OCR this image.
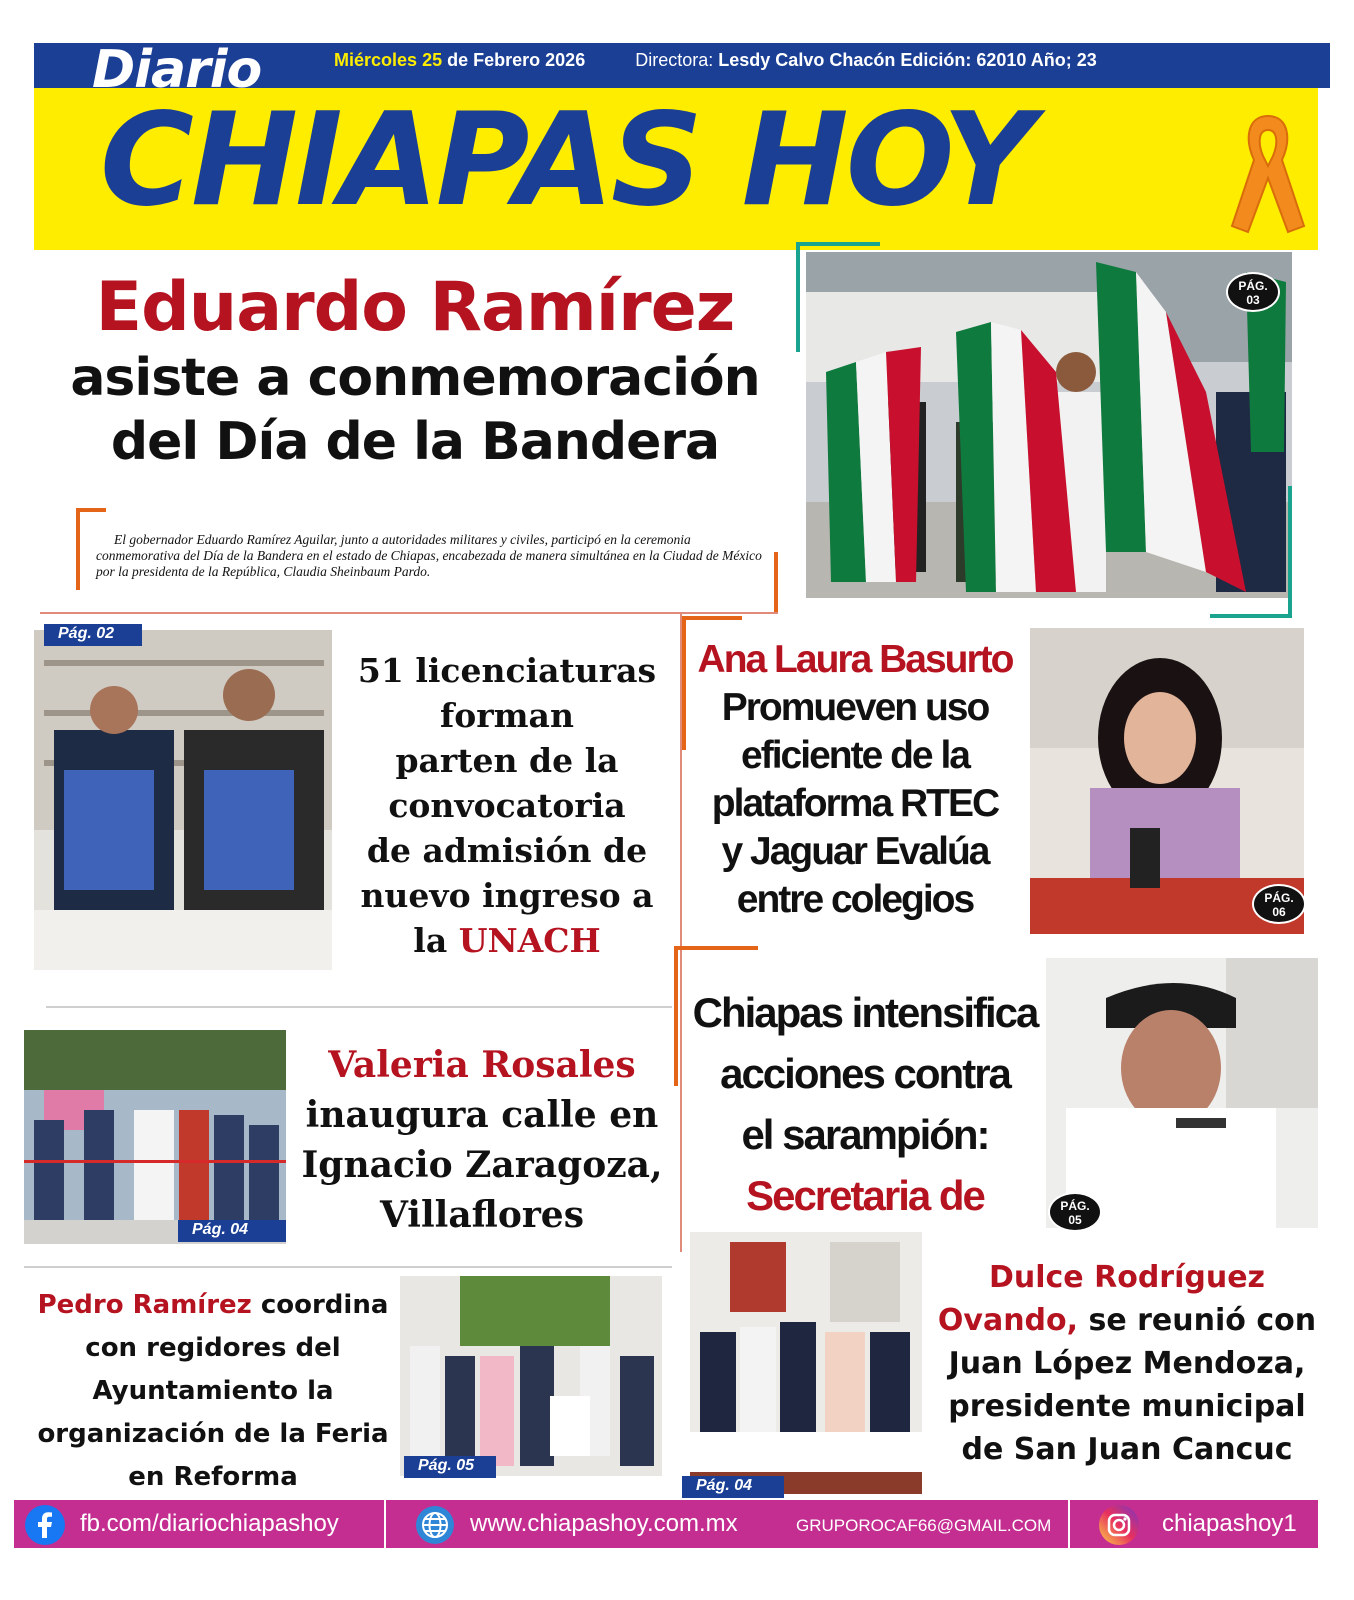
Diario	Miércoles 25 de Febrero 2026	Directora: Lesdy Calvo Chacón Edición: 62010 Año; 23
CHIAPAS HOY
Eduardo Ramírez
asiste a conmemoración
del Día de la Bandera
El gobernador Eduardo Ramírez Aguilar, junto a autoridades militares y civiles, participó en la ceremonia conmemorativa del Día de la Bandera en el estado de Chiapas, encabezada de manera simultánea en la Ciudad de México por la presidenta de la República, Claudia Sheinbaum Pardo.
PÁG.
03
Pág. 02
51 licenciaturas
forman
parten de la
convocatoria
de admisión de
nuevo ingreso a
la UNACH
Ana Laura Basurto
Promueven uso
eficiente de la
plataforma RTEC
y Jaguar Evalúa
entre colegios	PÁG.
06
Chiapas intensifica
acciones contra
el sarampión:
Secretaria de	PÁG.
05
Pág. 04
Valeria Rosales
inaugura calle en
Ignacio Zaragoza,
Villaflores
Pedro Ramírez coordina
con regidores del
Ayuntamiento la
organización de la Feria
en Reforma	Pág. 05
Pág. 04
Dulce Rodríguez
Ovando, se reunió con
Juan López Mendoza,
presidente municipal
de San Juan Cancuc
fb.com/diariochiapashoy	www.chiapashoy.com.mx	GRUPOROCAF66@GMAIL.COM	chiapashoy1
